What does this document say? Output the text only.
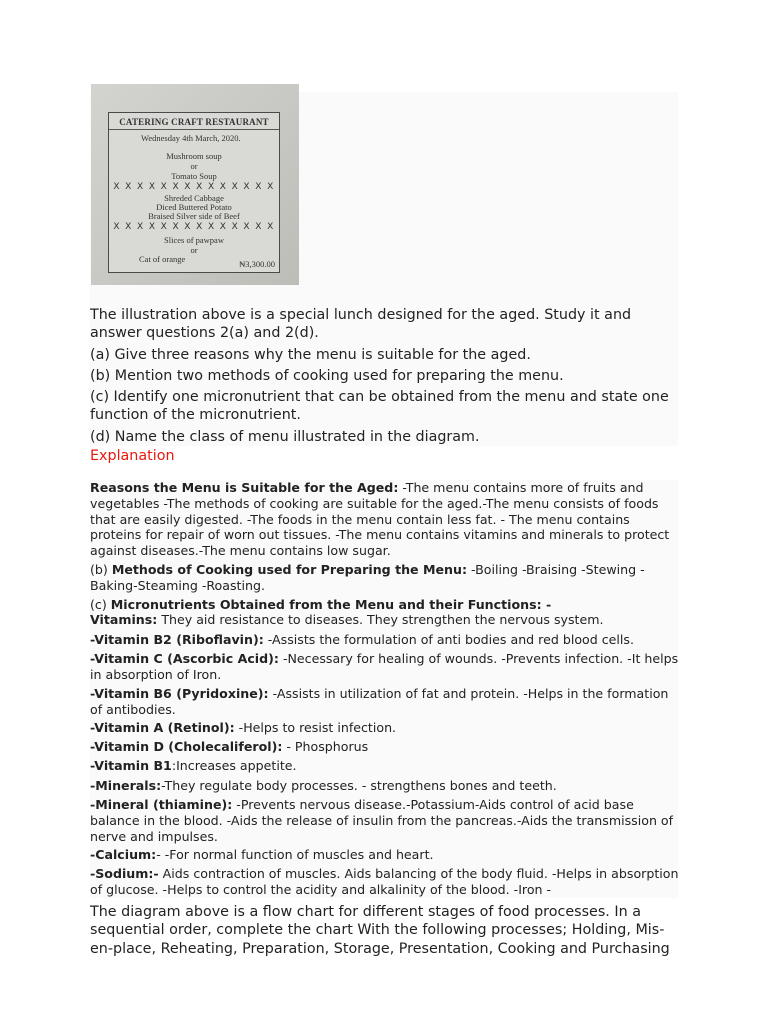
CATERING CRAFT RESTAURANT
Wednesday 4th March, 2020.
Mushroom soup
or
Tomato Soup
X X X X X X X X X X X X X X
Shreded Cabbage
Diced Buttered Potato
Braised Silver side of Beef
X X X X X X X X X X X X X X
Slices of pawpaw
or
Cat of orange	₦3,300.00
The illustration above is a special lunch designed for the aged. Study it and answer questions 2(a) and 2(d).
(a) Give three reasons why the menu is suitable for the aged.
(b) Mention two methods of cooking used for preparing the menu.
(c) Identify one micronutrient that can be obtained from the menu and state one function of the micronutrient.
(d) Name the class of menu illustrated in the diagram.
Explanation
Reasons the Menu is Suitable for the Aged: -The menu contains more of fruits and vegetables -The methods of cooking are suitable for the aged.-The menu consists of foods that are easily digested. -The foods in the menu contain less fat. - The menu contains proteins for repair of worn out tissues. -The menu contains vitamins and minerals to protect against diseases.-The menu contains low sugar.
(b) Methods of Cooking used for Preparing the Menu: -Boiling -Braising -Stewing -Baking-Steaming -Roasting.
(c) Micronutrients Obtained from the Menu and their Functions: -
Vitamins: They aid resistance to diseases. They strengthen the nervous system.
-Vitamin B2 (Riboflavin): -Assists the formulation of anti bodies and red blood cells.
-Vitamin C (Ascorbic Acid): -Necessary for healing of wounds. -Prevents infection. -It helps in absorption of Iron.
-Vitamin B6 (Pyridoxine): -Assists in utilization of fat and protein. -Helps in the formation of antibodies.
-Vitamin A (Retinol): -Helps to resist infection.
-Vitamin D (Cholecaliferol): - Phosphorus
-Vitamin B1:Increases appetite.
-Minerals:-They regulate body processes. - strengthens bones and teeth.
-Mineral (thiamine): -Prevents nervous disease.-Potassium-Aids control of acid base balance in the blood. -Aids the release of insulin from the pancreas.-Aids the transmission of nerve and impulses.
-Calcium:- -For normal function of muscles and heart.
-Sodium:- Aids contraction of muscles. Aids balancing of the body fluid. -Helps in absorption of glucose. -Helps to control the acidity and alkalinity of the blood. -Iron -
The diagram above is a flow chart for different stages of food processes. In a sequential order, complete the chart With the following processes; Holding, Mis-en-place, Reheating, Preparation, Storage, Presentation, Cooking and Purchasing
